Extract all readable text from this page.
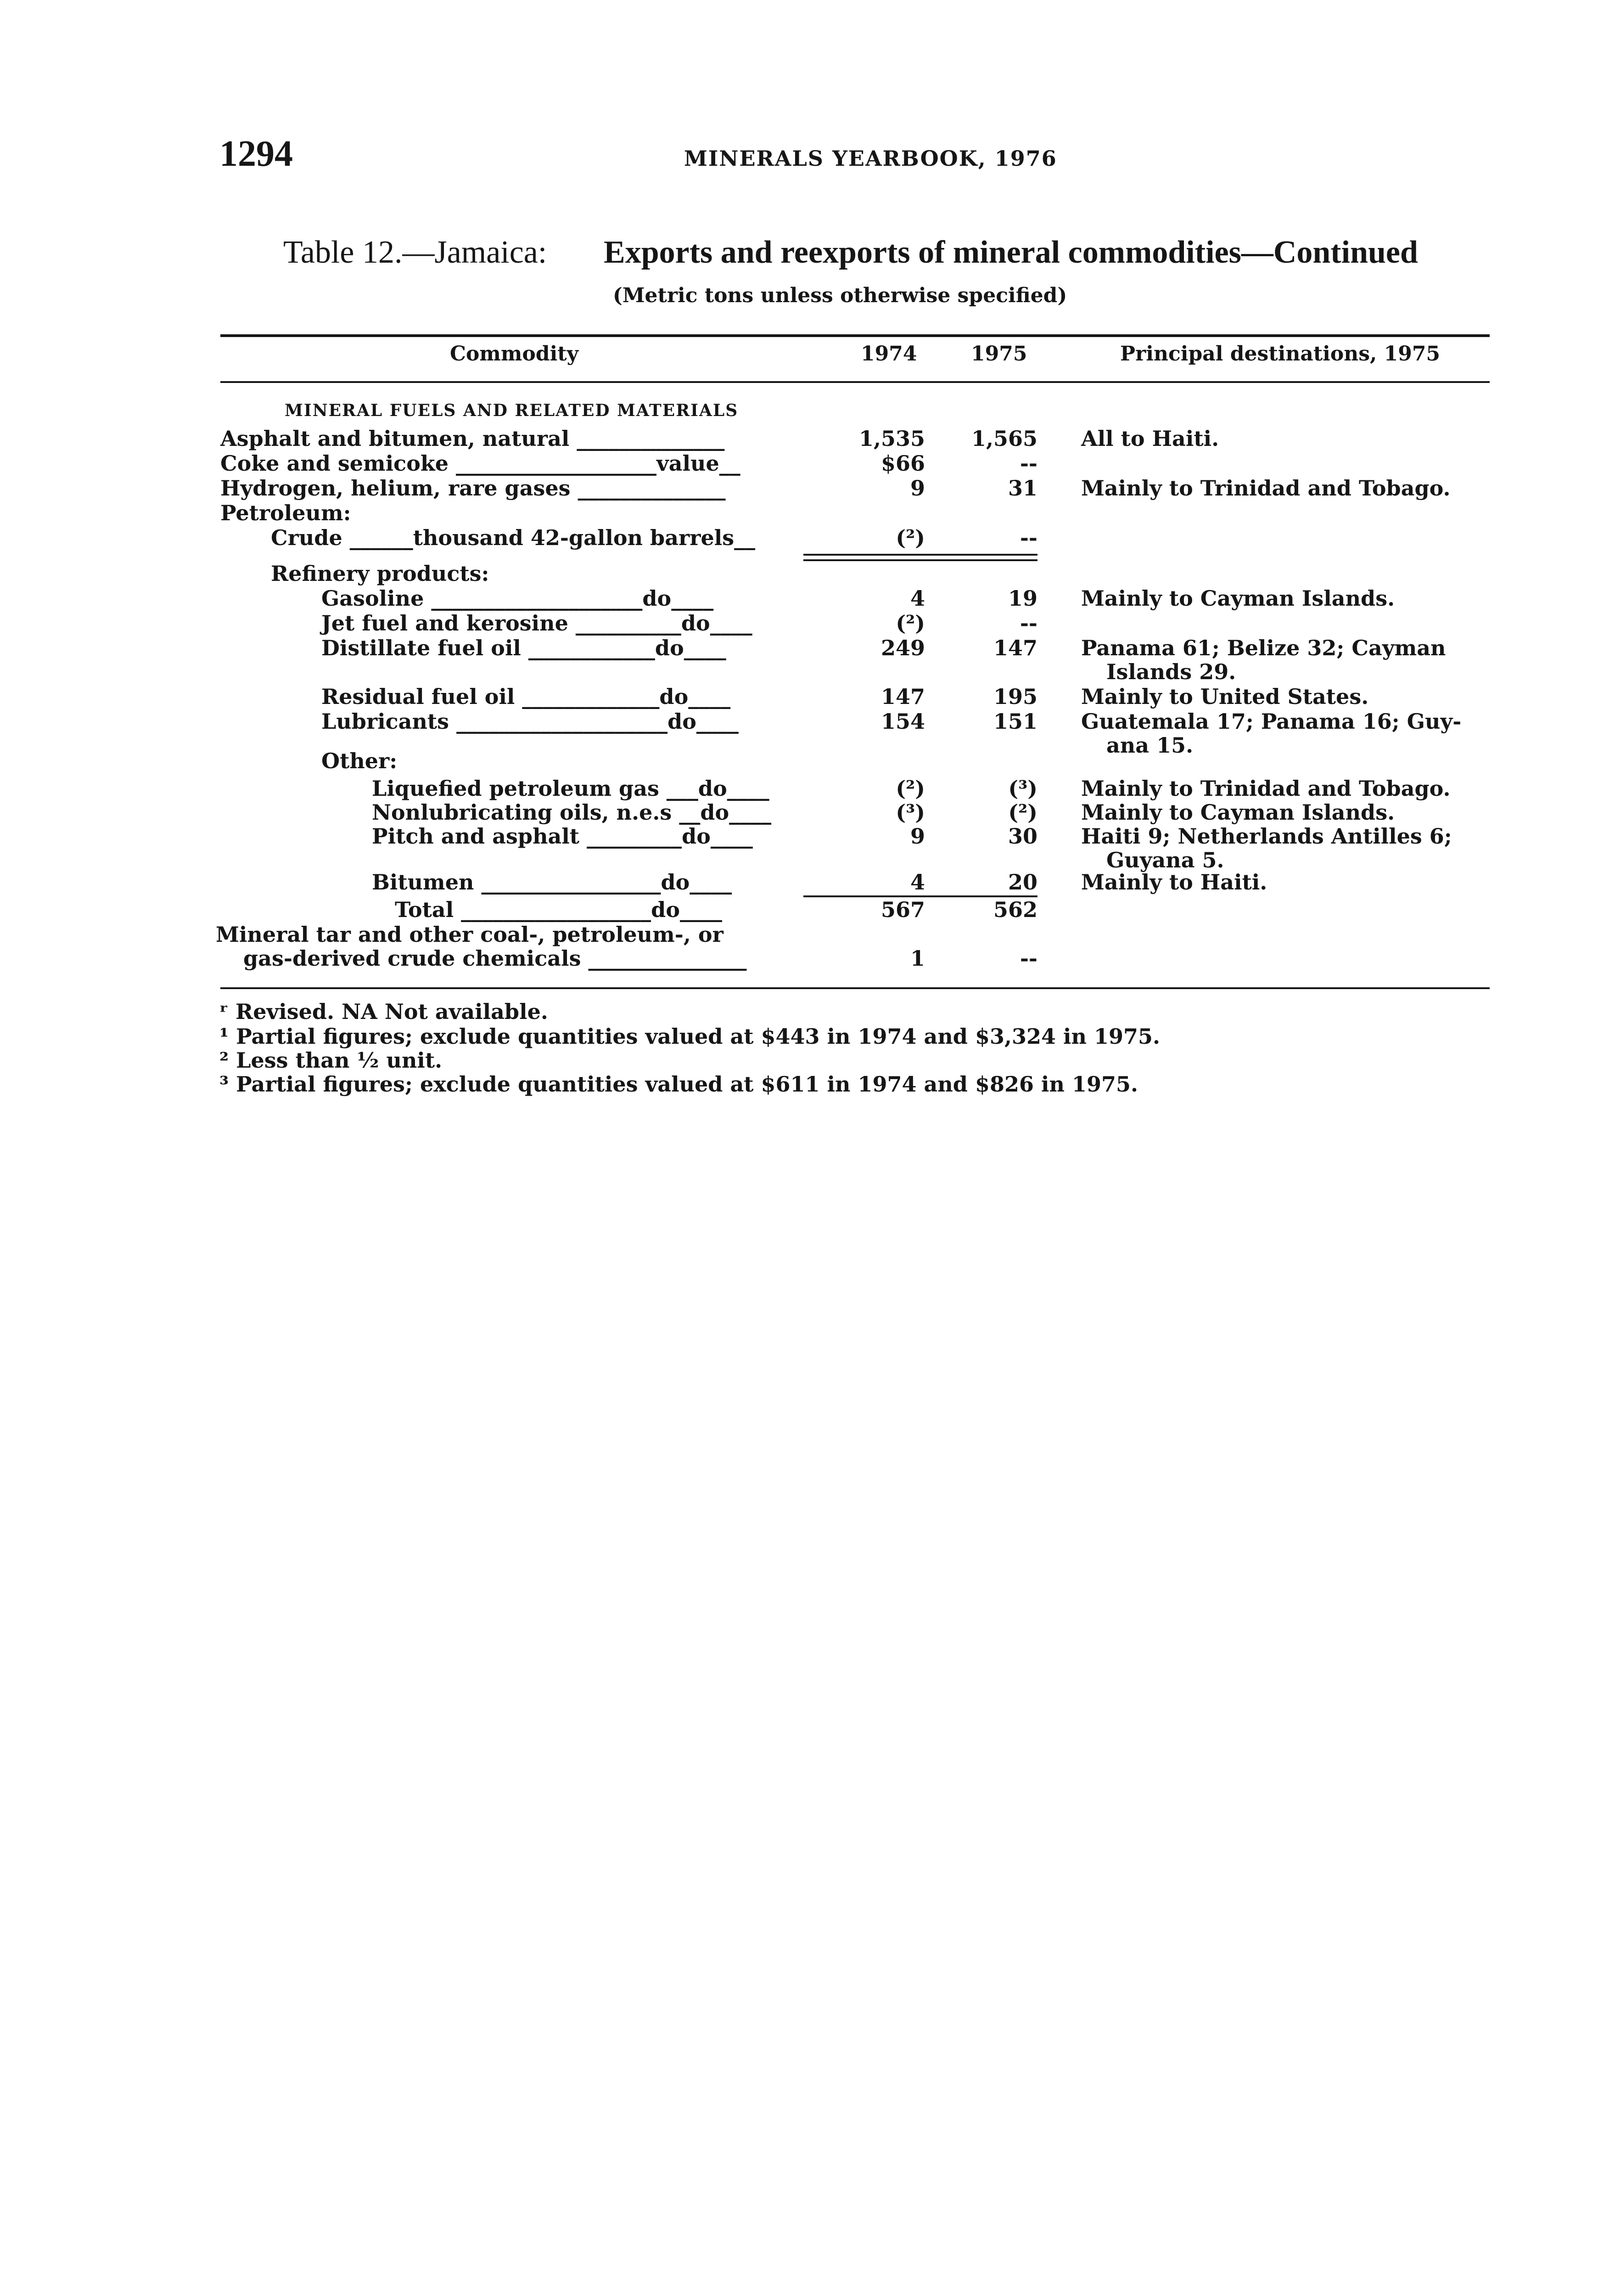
1294	MINERALS YEARBOOK, 1976
Table 12.—Jamaica: Exports and reexports of mineral commodities—Continued
(Metric tons unless otherwise specified)
Commodity	1974	1975	Principal destinations, 1975
MINERAL FUELS AND RELATED MATERIALS
Asphalt and bitumen, natural ______________	1,535	1,565 All to Haiti.
Coke and semicoke ___________________value__	$66	--
Hydrogen, helium, rare gases ______________	9	31 Mainly to Trinidad and Tobago.
Petroleum:
Crude ______thousand 42-gallon barrels__	(²)	--
Refinery products:
Gasoline ____________________do____	4	19 Mainly to Cayman Islands.
Jet fuel and kerosine __________do____	(²)	--
Distillate fuel oil ____________do____	249	147 Panama 61; Belize 32; Cayman
Islands 29.
Residual fuel oil _____________do____	147	195 Mainly to United States.
Lubricants ____________________do____	154	151 Guatemala 17; Panama 16; Guy-
ana 15.
Other:
Liquefied petroleum gas ___do____	(²)	(³) Mainly to Trinidad and Tobago.
Nonlubricating oils, n.e.s __do____	(³)	(²) Mainly to Cayman Islands.
Pitch and asphalt _________do____	9	30 Haiti 9; Netherlands Antilles 6;
Guyana 5.
Bitumen _________________do____	4	20 Mainly to Haiti.
Total __________________do____	567	562
Mineral tar and other coal-, petroleum-, or
gas-derived crude chemicals _______________	1	--
ʳ Revised. NA Not available.
¹ Partial figures; exclude quantities valued at $443 in 1974 and $3,324 in 1975.
² Less than ½ unit.
³ Partial figures; exclude quantities valued at $611 in 1974 and $826 in 1975.
